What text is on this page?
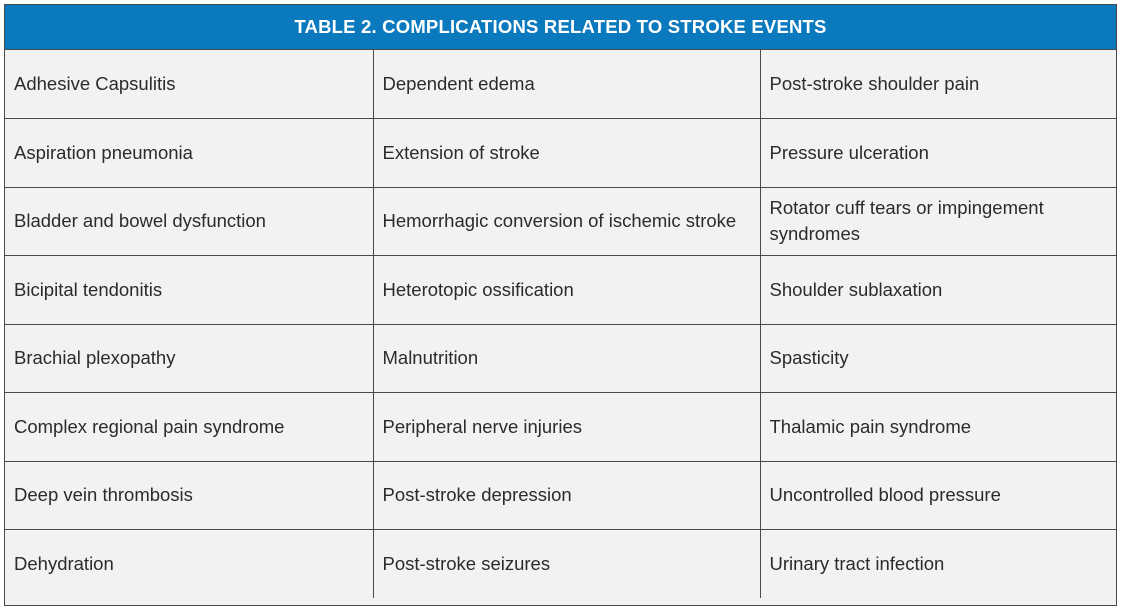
TABLE 2. COMPLICATIONS RELATED TO STROKE EVENTS
Adhesive Capsulitis	Dependent edema	Post-stroke shoulder pain
Aspiration pneumonia	Extension of stroke	Pressure ulceration
Bladder and bowel dysfunction	Hemorrhagic conversion of ischemic stroke	Rotator cuff tears or impingement syndromes
Bicipital tendonitis	Heterotopic ossification	Shoulder sublaxation
Brachial plexopathy	Malnutrition	Spasticity
Complex regional pain syndrome	Peripheral nerve injuries	Thalamic pain syndrome
Deep vein thrombosis	Post-stroke depression	Uncontrolled blood pressure
Dehydration	Post-stroke seizures	Urinary tract infection
